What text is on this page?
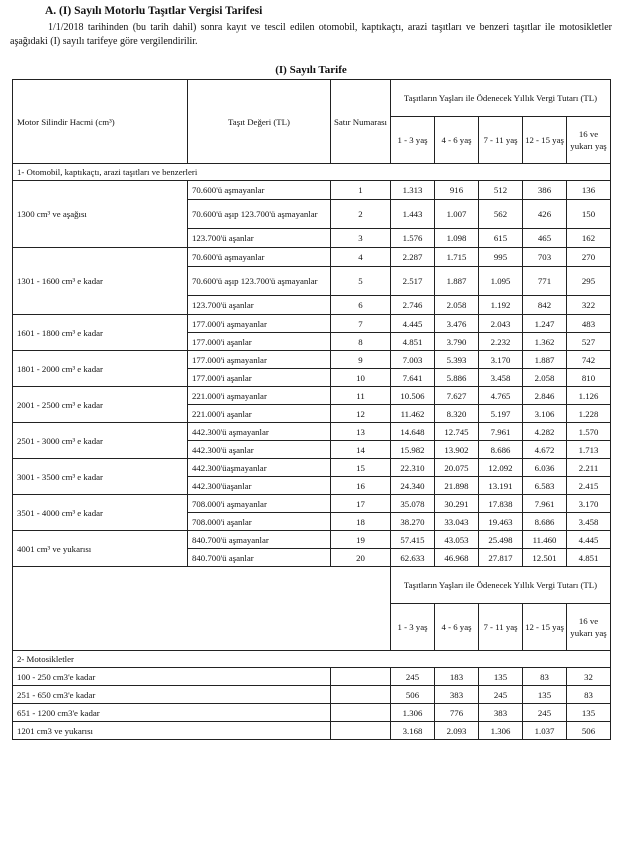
A. (I) Sayılı Motorlu Taşıtlar Vergisi Tarifesi
1/1/2018 tarihinden (bu tarih dahil) sonra kayıt ve tescil edilen otomobil, kaptıkaçtı, arazi taşıtları ve benzeri taşıtlar ile motosikletler aşağıdaki (I) sayılı tarifeye göre vergilendirilir.
(I) Sayılı Tarife
Motor Silindir Hacmi (cm³)	Taşıt Değeri (TL)	Satır Numarası	Taşıtların Yaşları ile Ödenecek Yıllık Vergi Tutarı (TL)				
			1 - 3 yaş	4 - 6 yaş	7 - 11 yaş	12 - 15 yaş	16 ve yukarı yaş
1- Otomobil, kaptıkaçtı, arazi taşıtları ve benzerleri							
1300 cm³ ve aşağısı	70.600'ü aşmayanlar	1	1.313	916	512	386	136
	70.600'ü aşıp 123.700'ü aşmayanlar	2	1.443	1.007	562	426	150
	123.700'ü aşanlar	3	1.576	1.098	615	465	162
1301 - 1600 cm³ e kadar	70.600'ü aşmayanlar	4	2.287	1.715	995	703	270
	70.600'ü aşıp 123.700'ü aşmayanlar	5	2.517	1.887	1.095	771	295
	123.700'ü aşanlar	6	2.746	2.058	1.192	842	322
1601 - 1800 cm³ e kadar	177.000'i aşmayanlar	7	4.445	3.476	2.043	1.247	483
	177.000'i aşanlar	8	4.851	3.790	2.232	1.362	527
1801 - 2000 cm³ e kadar	177.000'i aşmayanlar	9	7.003	5.393	3.170	1.887	742
	177.000'i aşanlar	10	7.641	5.886	3.458	2.058	810
2001 - 2500 cm³ e kadar	221.000'i aşmayanlar	11	10.506	7.627	4.765	2.846	1.126
	221.000'i aşanlar	12	11.462	8.320	5.197	3.106	1.228
2501 - 3000 cm³ e kadar	442.300'ü aşmayanlar	13	14.648	12.745	7.961	4.282	1.570
	442.300'ü aşanlar	14	15.982	13.902	8.686	4.672	1.713
3001 - 3500 cm³ e kadar	442.300'üaşmayanlar	15	22.310	20.075	12.092	6.036	2.211
	442.300'üaşanlar	16	24.340	21.898	13.191	6.583	2.415
3501 - 4000 cm³ e kadar	708.000'i aşmayanlar	17	35.078	30.291	17.838	7.961	3.170
	708.000'i aşanlar	18	38.270	33.043	19.463	8.686	3.458
4001 cm³ ve yukarısı	840.700'ü aşmayanlar	19	57.415	43.053	25.498	11.460	4.445
	840.700'ü aşanlar	20	62.633	46.968	27.817	12.501	4.851
			Taşıtların Yaşları ile Ödenecek Yıllık Vergi Tutarı (TL)				
			1 - 3 yaş	4 - 6 yaş	7 - 11 yaş	12 - 15 yaş	16 ve yukarı yaş
2- Motosikletler							
100 - 250 cm3'e kadar			245	183	135	83	32
251 - 650 cm3'e kadar			506	383	245	135	83
651 - 1200 cm3'e kadar			1.306	776	383	245	135
1201 cm3 ve yukarısı			3.168	2.093	1.306	1.037	506
